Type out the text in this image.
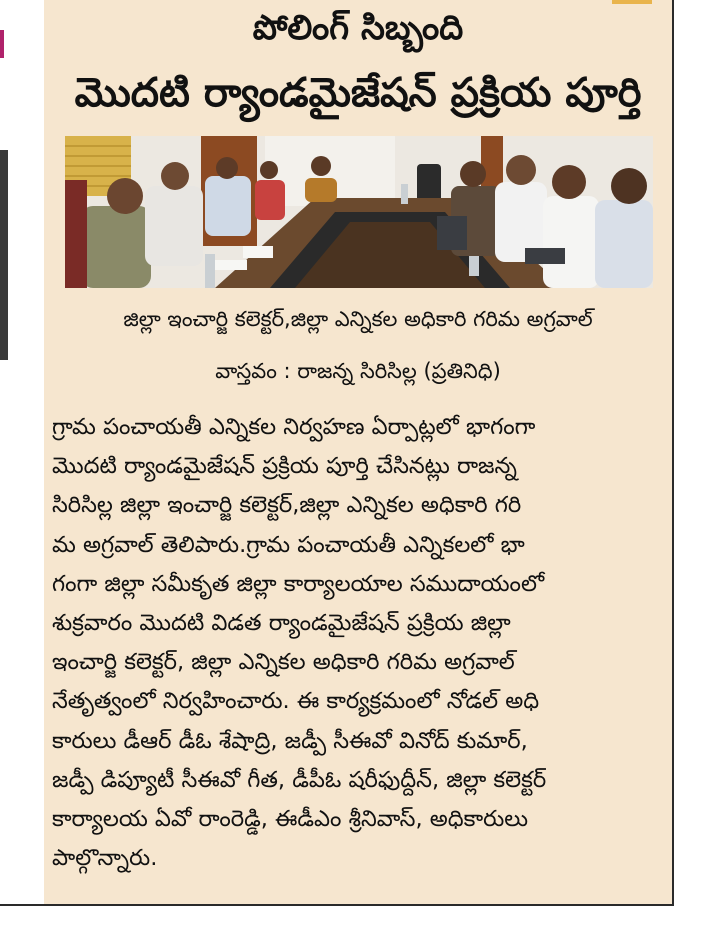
పోలింగ్ సిబ్బంది
మొదటి ర్యాండమైజేషన్ ప్రక్రియ పూర్తి
జిల్లా ఇంచార్జి కలెక్టర్,జిల్లా ఎన్నికల అధికారి గరిమ అగ్రవాల్
వాస్తవం : రాజన్న సిరిసిల్ల (ప్రతినిధి)
గ్రామ పంచాయతీ ఎన్నికల నిర్వహణ ఏర్పాట్లలో భాగంగా
మొదటి ర్యాండమైజేషన్ ప్రక్రియ పూర్తి చేసినట్లు రాజన్న
సిరిసిల్ల జిల్లా ఇంచార్జి కలెక్టర్,జిల్లా ఎన్నికల అధికారి గరి
మ అగ్రవాల్ తెలిపారు.గ్రామ పంచాయతీ ఎన్నికలలో భా
గంగా జిల్లా సమీకృత జిల్లా కార్యాలయాల సముదాయంలో
శుక్రవారం మొదటి విడత ర్యాండమైజేషన్ ప్రక్రియ జిల్లా
ఇంచార్జి కలెక్టర్, జిల్లా ఎన్నికల అధికారి గరిమ అగ్రవాల్
నేతృత్వంలో నిర్వహించారు. ఈ కార్యక్రమంలో నోడల్ అధి
కారులు డీఆర్ డీఓ శేషాద్రి, జడ్పీ సీఈవో వినోద్ కుమార్,
జడ్పీ డిప్యూటీ సీఈవో గీత, డీపీఓ షరీఫుద్దీన్, జిల్లా కలెక్టర్
కార్యాలయ ఏవో రాంరెడ్డి, ఈడీఎం శ్రీనివాస్, అధికారులు
పాల్గొన్నారు.
